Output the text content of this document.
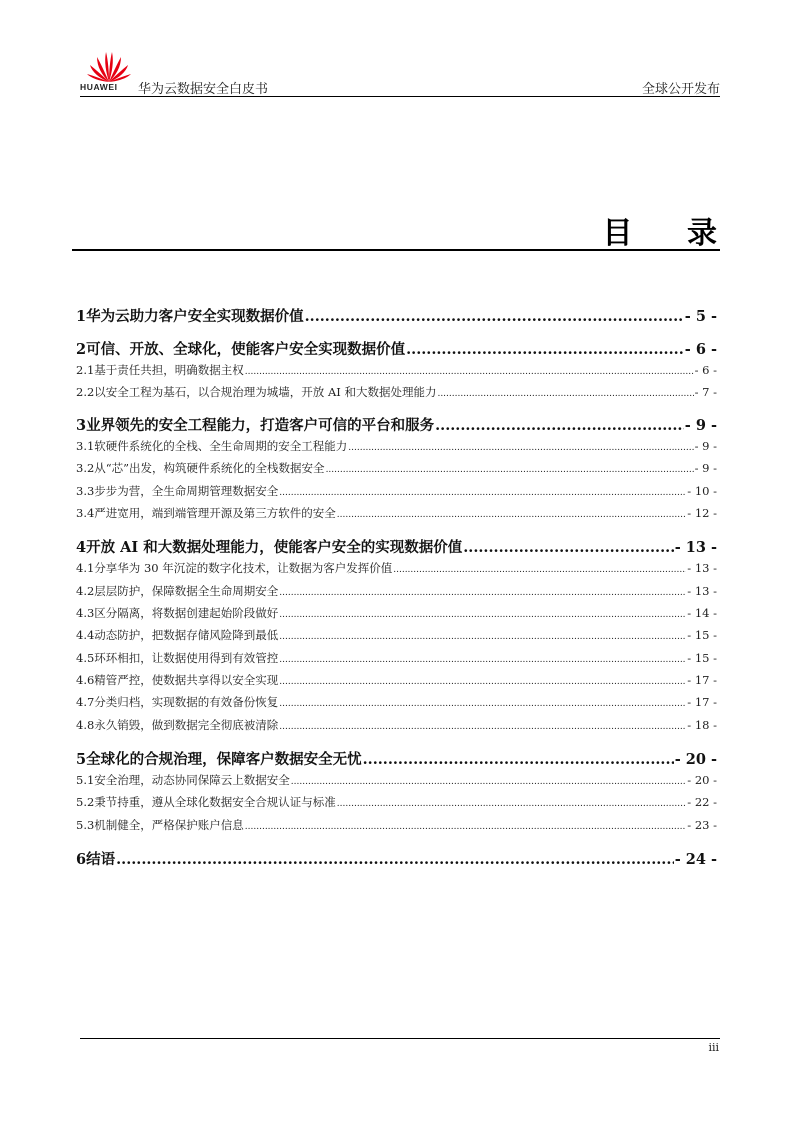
HUAWEI 华为云数据安全白皮书	全球公开发布
目 录
1 华为云助力客户安全实现数据价值 .....	- 5 -
2 可信、开放、全球化，使能客户安全实现数据价值 .....	- 6 -
2.1 基于责任共担，明确数据主权 .....	- 6 -
2.2 以安全工程为基石，以合规治理为城墙，开放 AI 和大数据处理能力 .....	- 7 -
3 业界领先的安全工程能力，打造客户可信的平台和服务 .....	- 9 -
3.1 软硬件系统化的全栈、全生命周期的安全工程能力 .....	- 9 -
3.2 从“芯”出发，构筑硬件系统化的全栈数据安全 .....	- 9 -
3.3 步步为营，全生命周期管理数据安全 .....	- 10 -
3.4 严进宽用，端到端管理开源及第三方软件的安全 .....	- 12 -
4 开放 AI 和大数据处理能力，使能客户安全的实现数据价值 .....	- 13 -
4.1 分享华为 30 年沉淀的数字化技术，让数据为客户发挥价值 .....	- 13 -
4.2 层层防护，保障数据全生命周期安全 .....	- 13 -
4.3 区分隔离，将数据创建起始阶段做好 .....	- 14 -
4.4 动态防护，把数据存储风险降到最低 .....	- 15 -
4.5 环环相扣，让数据使用得到有效管控 .....	- 15 -
4.6 精管严控，使数据共享得以安全实现 .....	- 17 -
4.7 分类归档，实现数据的有效备份恢复 .....	- 17 -
4.8 永久销毁，做到数据完全彻底被清除 .....	- 18 -
5 全球化的合规治理，保障客户数据安全无忧 .....	- 20 -
5.1 安全治理，动态协同保障云上数据安全 .....	- 20 -
5.2 秉节持重，遵从全球化数据安全合规认证与标准 .....	- 22 -
5.3 机制健全，严格保护账户信息 .....	- 23 -
6 结语 .....	- 24 -
iii
